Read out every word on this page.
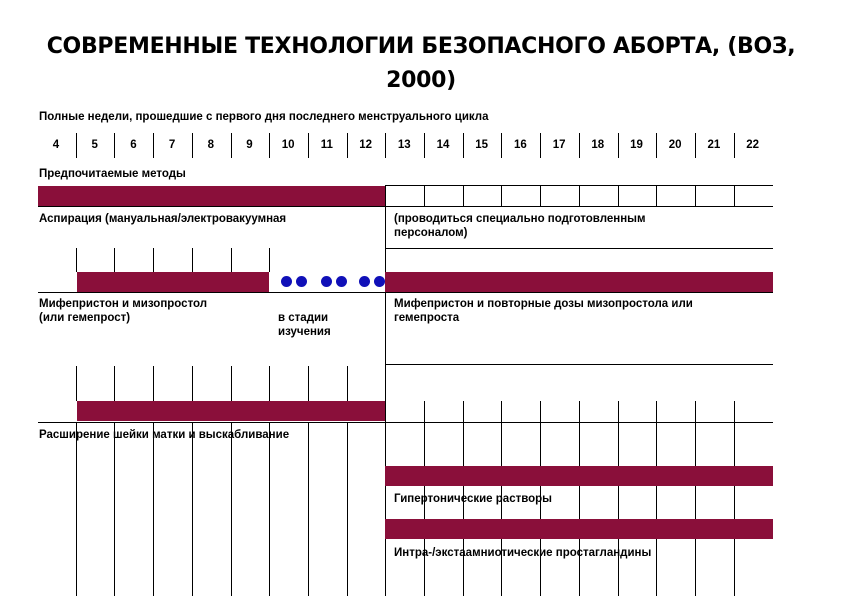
СОВРЕМЕННЫЕ ТЕХНОЛОГИИ БЕЗОПАСНОГО АБОРТА, (ВОЗ,
2000)
Полные недели, прошедшие с первого дня последнего менструального цикла
4	5	6	7	8	9	10	11	12	13	14	15	16	17	18	19	20	21	22
Предпочитаемые методы
Аспирация (мануальная/электровакуумная	(проводиться специально подготовленным
персоналом)
Мифепристон и мизопростол
(или гемепрост)	в стадии
изучения
Мифепристон и повторные дозы мизопростола или
гемепроста
Расширение шейки матки и выскабливание
Гипертонические растворы
Интра-/экстаамниотические простагландины
